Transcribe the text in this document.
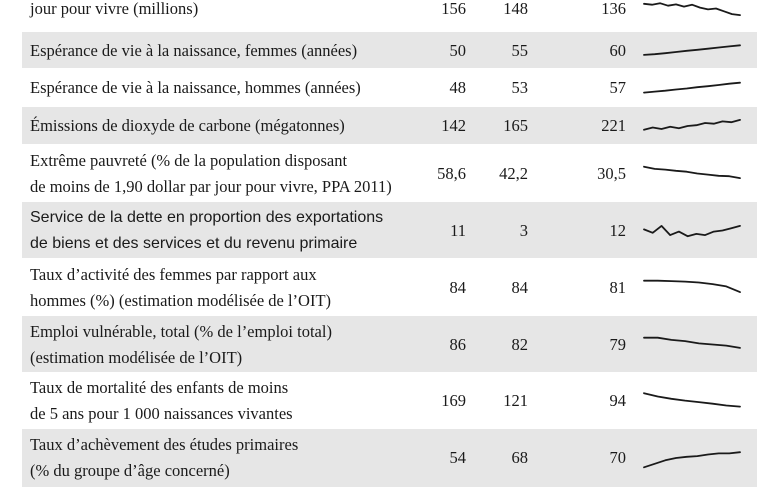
jour pour vivre (millions)	156	148	136
Espérance de vie à la naissance, femmes (années)	50	55	60
Espérance de vie à la naissance, hommes (années)	48	53	57
Émissions de dioxyde de carbone (mégatonnes)	142	165	221
Extrême pauvreté (% de la population disposant
de moins de 1,90 dollar par jour pour vivre, PPA 2011)
58,6	42,2	30,5
Service de la dette en proportion des exportations
de biens et des services et du revenu primaire
11	3	12
Taux d’activité des femmes par rapport aux
hommes (%) (estimation modélisée de l’OIT)
84	84	81
Emploi vulnérable, total (% de l’emploi total)
(estimation modélisée de l’OIT)
86	82	79
Taux de mortalité des enfants de moins
de 5 ans pour 1 000 naissances vivantes
169	121	94
Taux d’achèvement des études primaires
(% du groupe d’âge concerné)
54	68	70
